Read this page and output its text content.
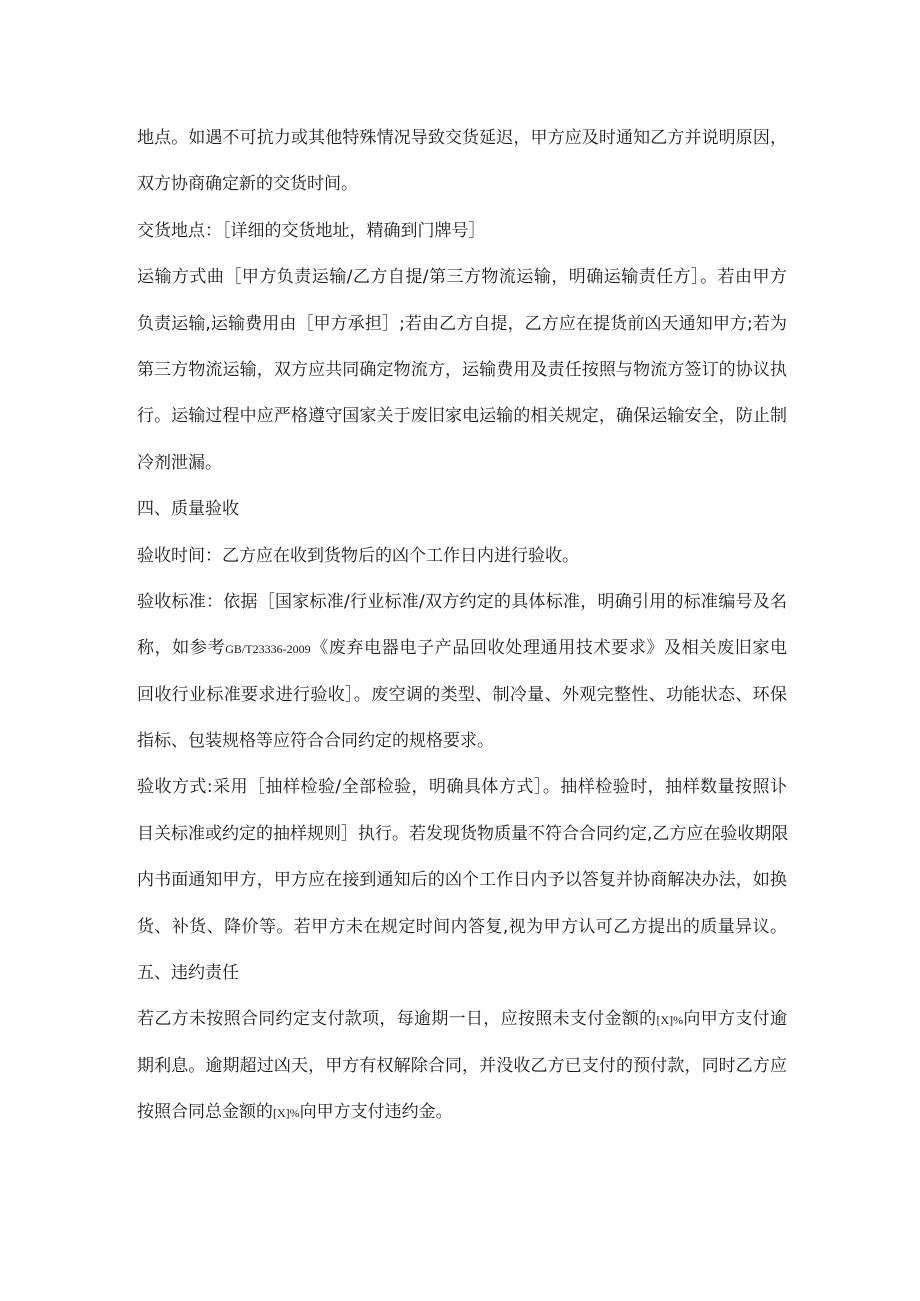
地点。如遇不可抗力或其他特殊情况导致交货延迟，甲方应及时通知乙方并说明原因，
双方协商确定新的交货时间。
交货地点：［详细的交货地址，精确到门牌号］
运输方式曲［甲方负责运输/乙方自提/第三方物流运输，明确运输责任方］。若由甲方
负责运输,运输费用由［甲方承担］;若由乙方自提，乙方应在提货前凶天通知甲方;若为
第三方物流运输，双方应共同确定物流方，运输费用及责任按照与物流方签订的协议执
行。运输过程中应严格遵守国家关于废旧家电运输的相关规定，确保运输安全，防止制
冷剂泄漏。
四、质量验收
验收时间：乙方应在收到货物后的凶个工作日内进行验收。
验收标准：依据［国家标准/行业标准/双方约定的具体标准，明确引用的标准编号及名
称，如参考GB/T23336-2009《废弃电器电子产品回收处理通用技术要求》及相关废旧家电
回收行业标准要求进行验收］。废空调的类型、制冷量、外观完整性、功能状态、环保
指标、包装规格等应符合合同约定的规格要求。
验收方式:采用［抽样检验/全部检验，明确具体方式］。抽样检验时，抽样数量按照讣
目关标准或约定的抽样规则］执行。若发现货物质量不符合合同约定,乙方应在验收期限
内书面通知甲方，甲方应在接到通知后的凶个工作日内予以答复并协商解决办法，如换
货、补货、降价等。若甲方未在规定时间内答复,视为甲方认可乙方提出的质量异议。
五、违约责任
若乙方未按照合同约定支付款项，每逾期一日，应按照未支付金额的[X]%向甲方支付逾
期利息。逾期超过凶天，甲方有权解除合同，并没收乙方已支付的预付款，同时乙方应
按照合同总金额的[X]%向甲方支付违约金。
